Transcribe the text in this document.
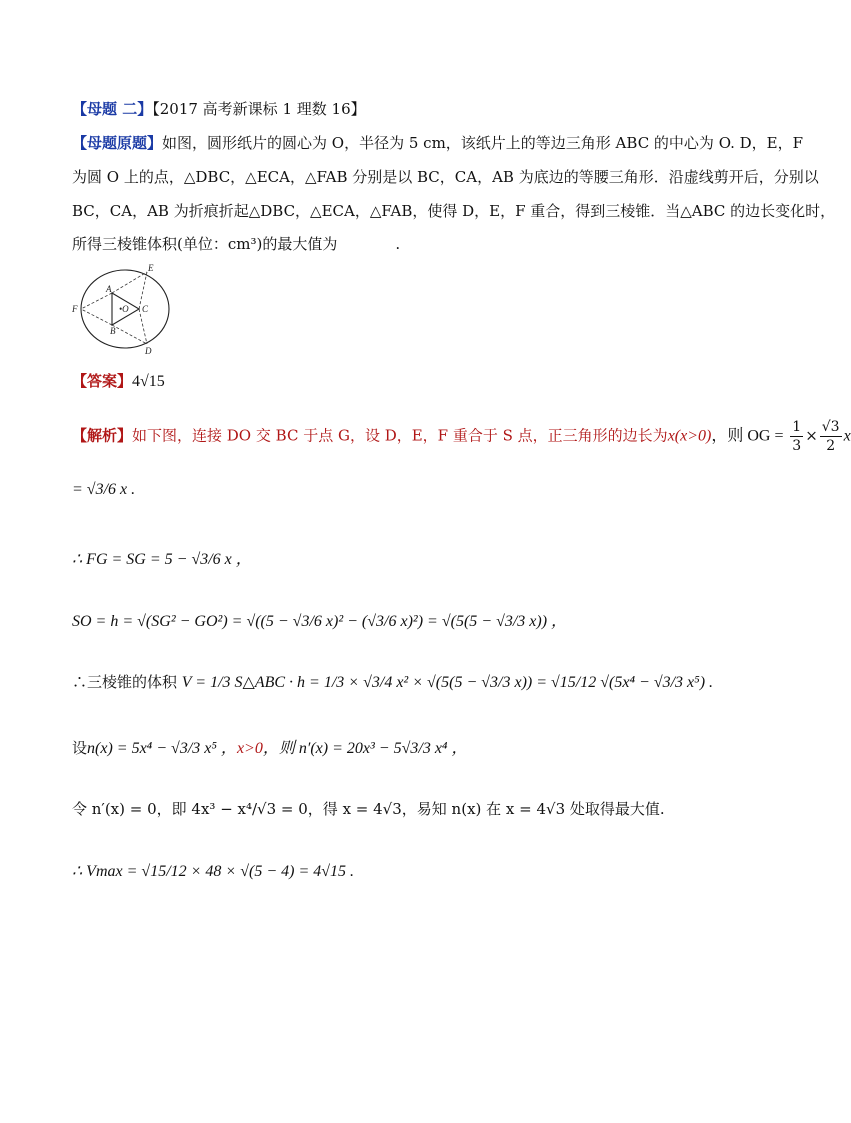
【母题 二】【2017 高考新课标 1 理数 16】
【母题原题】如图，圆形纸片的圆心为 O，半径为 5 cm，该纸片上的等边三角形 ABC 的中心为 O. D，E，F
为圆 O 上的点，△DBC，△ECA，△FAB 分别是以 BC，CA，AB 为底边的等腰三角形．沿虚线剪开后，分别以
BC，CA，AB 为折痕折起△DBC，△ECA，△FAB，使得 D，E，F 重合，得到三棱锥．当△ABC 的边长变化时，
所得三棱锥体积(单位：cm³)的最大值为	.
E
D
F
A
B
C
•O
【答案】4√15
【解析】如下图，连接 DO 交 BC 于点 G，设 D，E，F 重合于 S 点，正三角形的边长为x(x>0)，则 OG = $\frac{1}{3} \times \frac{√3}{2}$ x
= √3/6 x .
∴ FG = SG = 5 − √3/6 x ，
SO = h = √(SG² − GO²) = √((5 − √3/6 x)² − (√3/6 x)²) = √(5(5 − √3/3 x)) ，
∴三棱锥的体积 V = 1/3 S△ABC · h = 1/3 × √3/4 x² × √(5(5 − √3/3 x)) = √15/12 √(5x⁴ − √3/3 x⁵) .
设n(x) = 5x⁴ − √3/3 x⁵ ，x>0，则 n′(x) = 20x³ − 5√3/3 x⁴ ，
令 n′(x) = 0，即 4x³ − x⁴/√3 = 0，得 x = 4√3，易知 n(x) 在 x = 4√3 处取得最大值.
∴ Vmax = √15/12 × 48 × √(5 − 4) = 4√15 .
